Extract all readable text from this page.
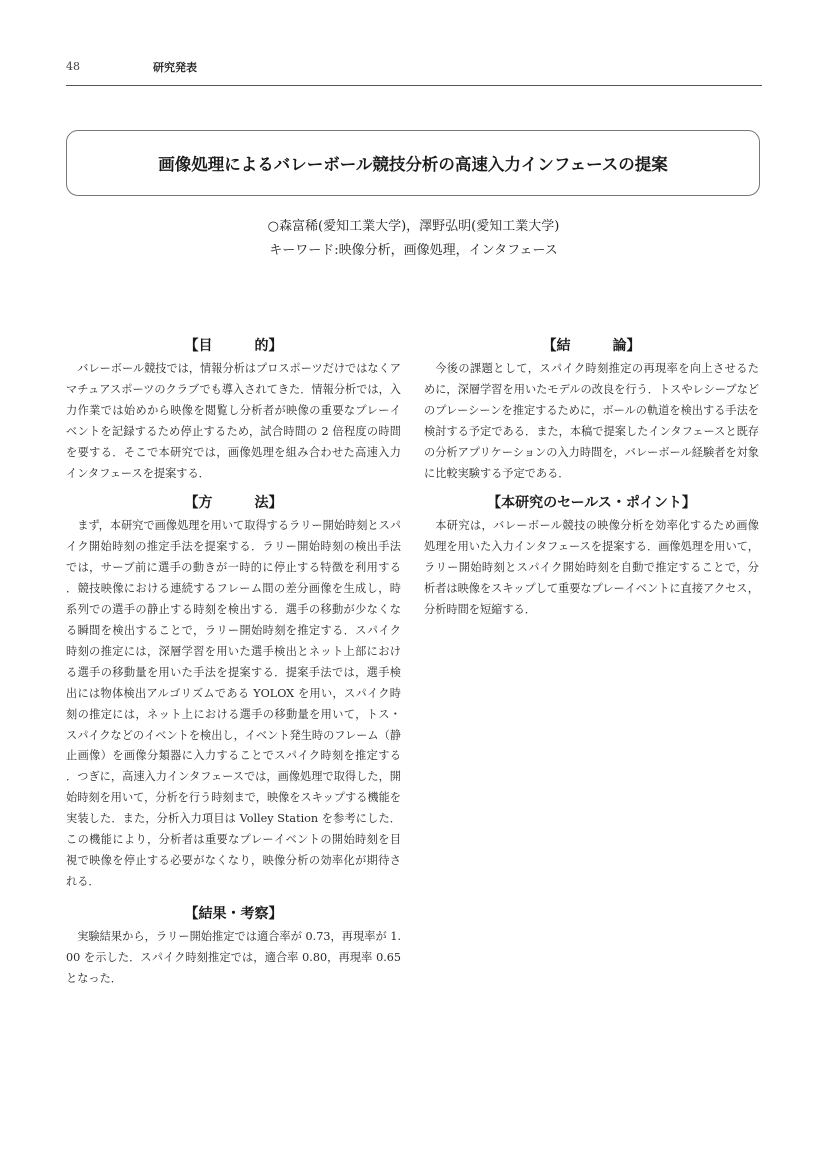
48	研究発表
画像処理によるバレーボール競技分析の高速入力インフェースの提案
○森富稀(愛知工業大学)，澤野弘明(愛知工業大学)
キーワード:映像分析，画像処理，インタフェース
【目　　　的】

バレーボール競技では，情報分析はプロスポーツだけではなくアマチュアスポーツのクラブでも導入されてきた．情報分析では，入力作業では始めから映像を閲覧し分析者が映像の重要なプレーイベントを記録するため停止するため，試合時間の 2 倍程度の時間を要する．そこで本研究では，画像処理を組み合わせた高速入力インタフェースを提案する．

【方　　　法】

まず，本研究で画像処理を用いて取得するラリー開始時刻とスパイク開始時刻の推定手法を提案する．ラリー開始時刻の検出手法では，サーブ前に選手の動きが一時的に停止する特徴を利用する．競技映像における連続するフレーム間の差分画像を生成し，時系列での選手の静止する時刻を検出する．選手の移動が少なくなる瞬間を検出することで，ラリー開始時刻を推定する．スパイク時刻の推定には，深層学習を用いた選手検出とネット上部における選手の移動量を用いた手法を提案する．提案手法では，選手検出には物体検出アルゴリズムである YOLOX を用い，スパイク時刻の推定には，ネット上における選手の移動量を用いて，トス・スパイクなどのイベントを検出し，イベント発生時のフレーム（静止画像）を画像分類器に入力することでスパイク時刻を推定する．つぎに，高速入力インタフェースでは，画像処理で取得した，開始時刻を用いて，分析を行う時刻まで，映像をスキップする機能を実装した．また，分析入力項目は Volley Station を参考にした．この機能により，分析者は重要なプレーイベントの開始時刻を目視で映像を停止する必要がなくなり，映像分析の効率化が期待される．

【結果・考察】

実験結果から，ラリー開始推定では適合率が 0.73，再現率が 1.00 を示した．スパイク時刻推定では，適合率 0.80，再現率 0.65 となった．

【結　　　論】

今後の課題として，スパイク時刻推定の再現率を向上させるために，深層学習を用いたモデルの改良を行う．トスやレシーブなどのプレーシーンを推定するために，ボールの軌道を検出する手法を検討する予定である．また，本稿で提案したインタフェースと既存の分析アプリケーションの入力時間を，バレーボール経験者を対象に比較実験する予定である．

【本研究のセールス・ポイント】

本研究は，バレーボール競技の映像分析を効率化するため画像処理を用いた入力インタフェースを提案する．画像処理を用いて，ラリー開始時刻とスパイク開始時刻を自動で推定することで，分析者は映像をスキップして重要なプレーイベントに直接アクセス，分析時間を短縮する．
